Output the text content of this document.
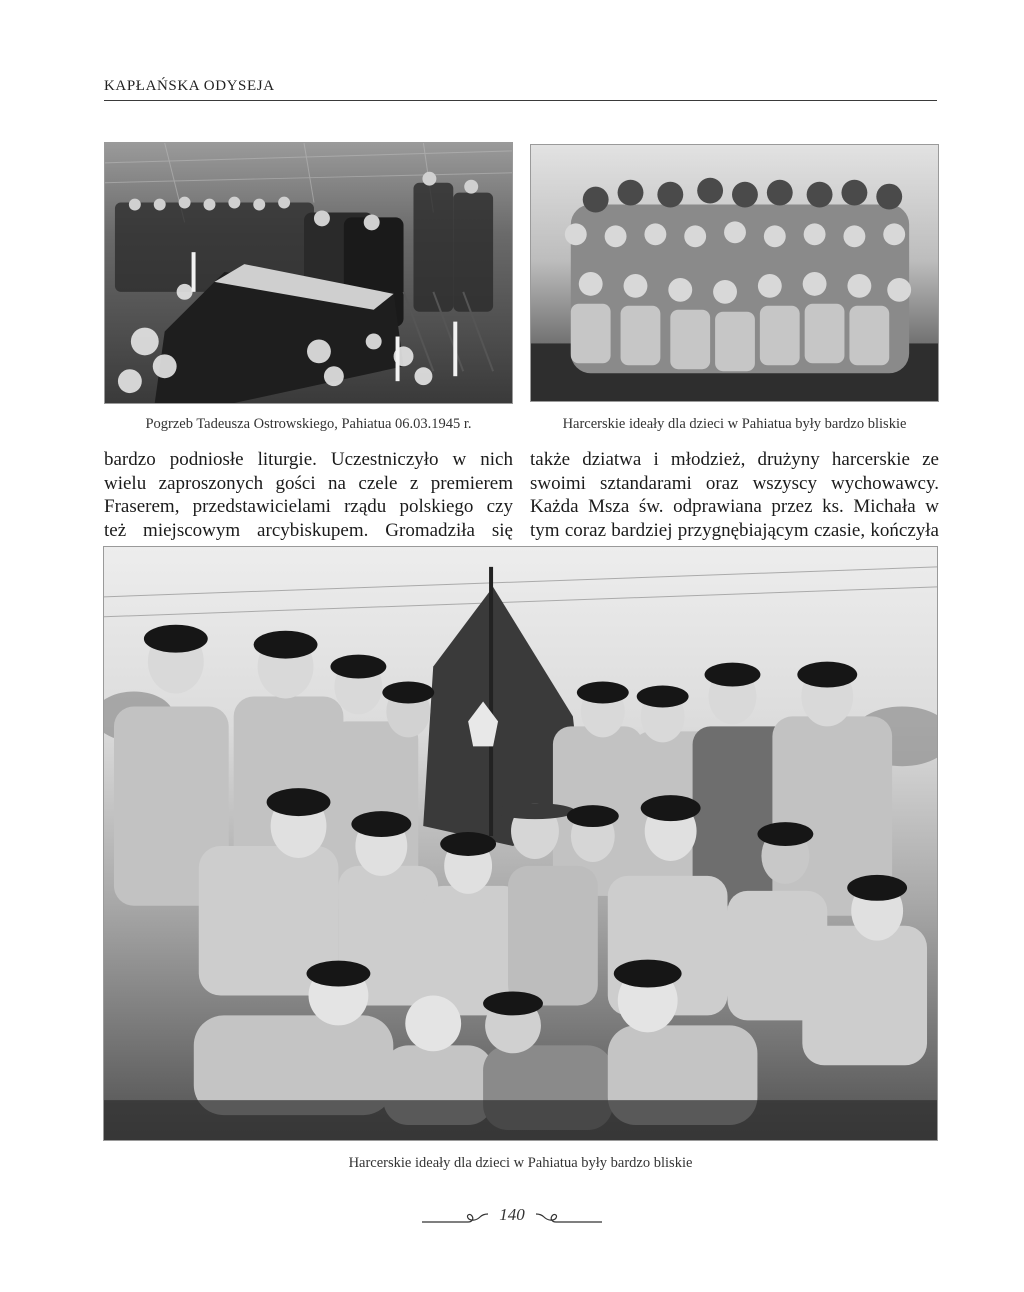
KAPŁAŃSKA ODYSEJA
Pogrzeb Tadeusza Ostrowskiego, Pahiatua 06.03.1945 r.	Harcerskie ideały dla dzieci w Pahiatua były bardzo bliskie
bardzo podniosłe liturgie. Uczestniczyło w nich
wielu zaproszonych gości na czele z premierem
Fraserem, przedstawicielami rządu polskiego czy
też miejscowym arcybiskupem. Gromadziła się
także dziatwa i młodzież, drużyny harcerskie ze
swoimi sztandarami oraz wszyscy wychowawcy.
Każda Msza św. odprawiana przez ks. Michała w
tym coraz bardziej przygnębiającym czasie, kończyła
Harcerskie ideały dla dzieci w Pahiatua były bardzo bliskie
140
